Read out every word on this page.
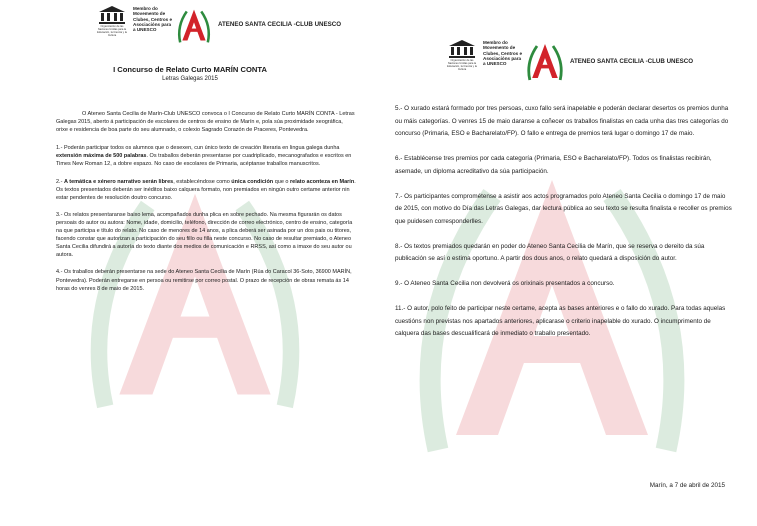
Organización de las Naciones Unidas para la Educación, la Ciencia y la Cultura
Membro do Movemento de Clubes, Centros e Asociacións para a UNESCO
ATENEO SANTA CECILIA -CLUB UNESCO
I Concurso de Relato Curto MARÍN CONTA
Letras Galegas 2015

O Ateneo Santa Cecilia de Marín-Club UNESCO convoca o I Concurso de Relato Curto MARÍN CONTA - Letras Galegas 2015, aberto á participación de escolares de centros de ensino de Marín e, pola súa proximidade xeográfica, orixe e residencia de boa parte do seu alumnado, o colexio Sagrado Corazón de Praceres, Pontevedra.

1.- Poderán participar todos os alumnos que o desexen, cun único texto de creación literaria en lingua galega dunha extensión máxima de 500 palabras. Os traballos deberán presentarse por cuadriplicado, mecanografados e escritos en Times New Roman 12, a dobre espazo. No caso de escolares de Primaria, acéptanse traballos manuscritos.

2.- A temática e xénero narrativo serán libres, establecéndose como única condición que o relato aconteza en Marín. Os textos presentados deberán ser inéditos baixo calquera formato, non premiados en ningún outro certame anterior nin estar pendentes de resolución doutro concurso.

3.- Os relatos presentaranse baixo lema, acompañados dunha plica en sobre pechado. Na mesma figurarán os datos persoais do autor ou autora: Nome, idade, domicilio, teléfono, dirección de correo electrónico, centro de ensino, categoría na que participa e título do relato. No caso de menores de 14 anos, a plica deberá ser asinada por un dos pais ou titores, facendo constar que autorizan a participación do seu fillo ou filla neste concurso. No caso de resultar premiado, o Ateneo Santa Cecilia difundirá a autoría do texto diante dos medios de comunicación e RRSS, así como a imaxe do seu autor ou autora.

4.- Os traballos deberán presentarse na sede do Ateneo Santa Cecilia de Marín (Rúa do Caracol 36-Soto, 36900 MARÍN, Pontevedra). Poderán entregarse en persoa ou remitirse por correo postal. O prazo de recepción de obras remata ás 14 horas do venres 8 de maio de 2015.

Organización de las Naciones Unidas para la Educación, la Ciencia y la Cultura
Membro do Movemento de Clubes, Centros e Asociacións para a UNESCO	ATENEO SANTA CECILIA -CLUB UNESCO

5.- O xurado estará formado por tres persoas, cuxo fallo será inapelable e poderán declarar desertos os premios dunha ou máis categorías. O venres 15 de maio daranse a coñecer os traballos finalistas en cada unha das tres categorías do concurso (Primaria, ESO e Bacharelato/FP). O fallo e entrega de premios terá lugar o domingo 17 de maio.

6.- Establécense tres premios por cada categoría (Primaria, ESO e Bacharelato/FP). Todos os finalistas recibirán, asemade, un diploma acreditativo da súa participación.

7.- Os participantes comprométense a asistir aos actos programados polo Ateneo Santa Cecilia o domingo 17 de maio de 2015, con motivo do Día das Letras Galegas, dar lectura pública ao seu texto se resulta finalista e recoller os premios que puidesen corresponderlles.

8.- Os textos premiados quedarán en poder do Ateneo Santa Cecilia de Marín, que se reserva o dereito da súa publicación se así o estima oportuno. A partir dos dous anos, o relato quedará a disposición do autor.

9.- O Ateneo Santa Cecilia non devolverá os orixinais presentados a concurso.

11.- O autor, polo feito de participar neste certame, acepta as bases anteriores e o fallo do xurado. Para todas aquelas cuestións non previstas nos apartados anteriores, aplicarase o criterio inapelable do xurado. O incumprimento de calquera das bases descualificará de inmediato o traballo presentado.

Marín, a 7 de abril de 2015
